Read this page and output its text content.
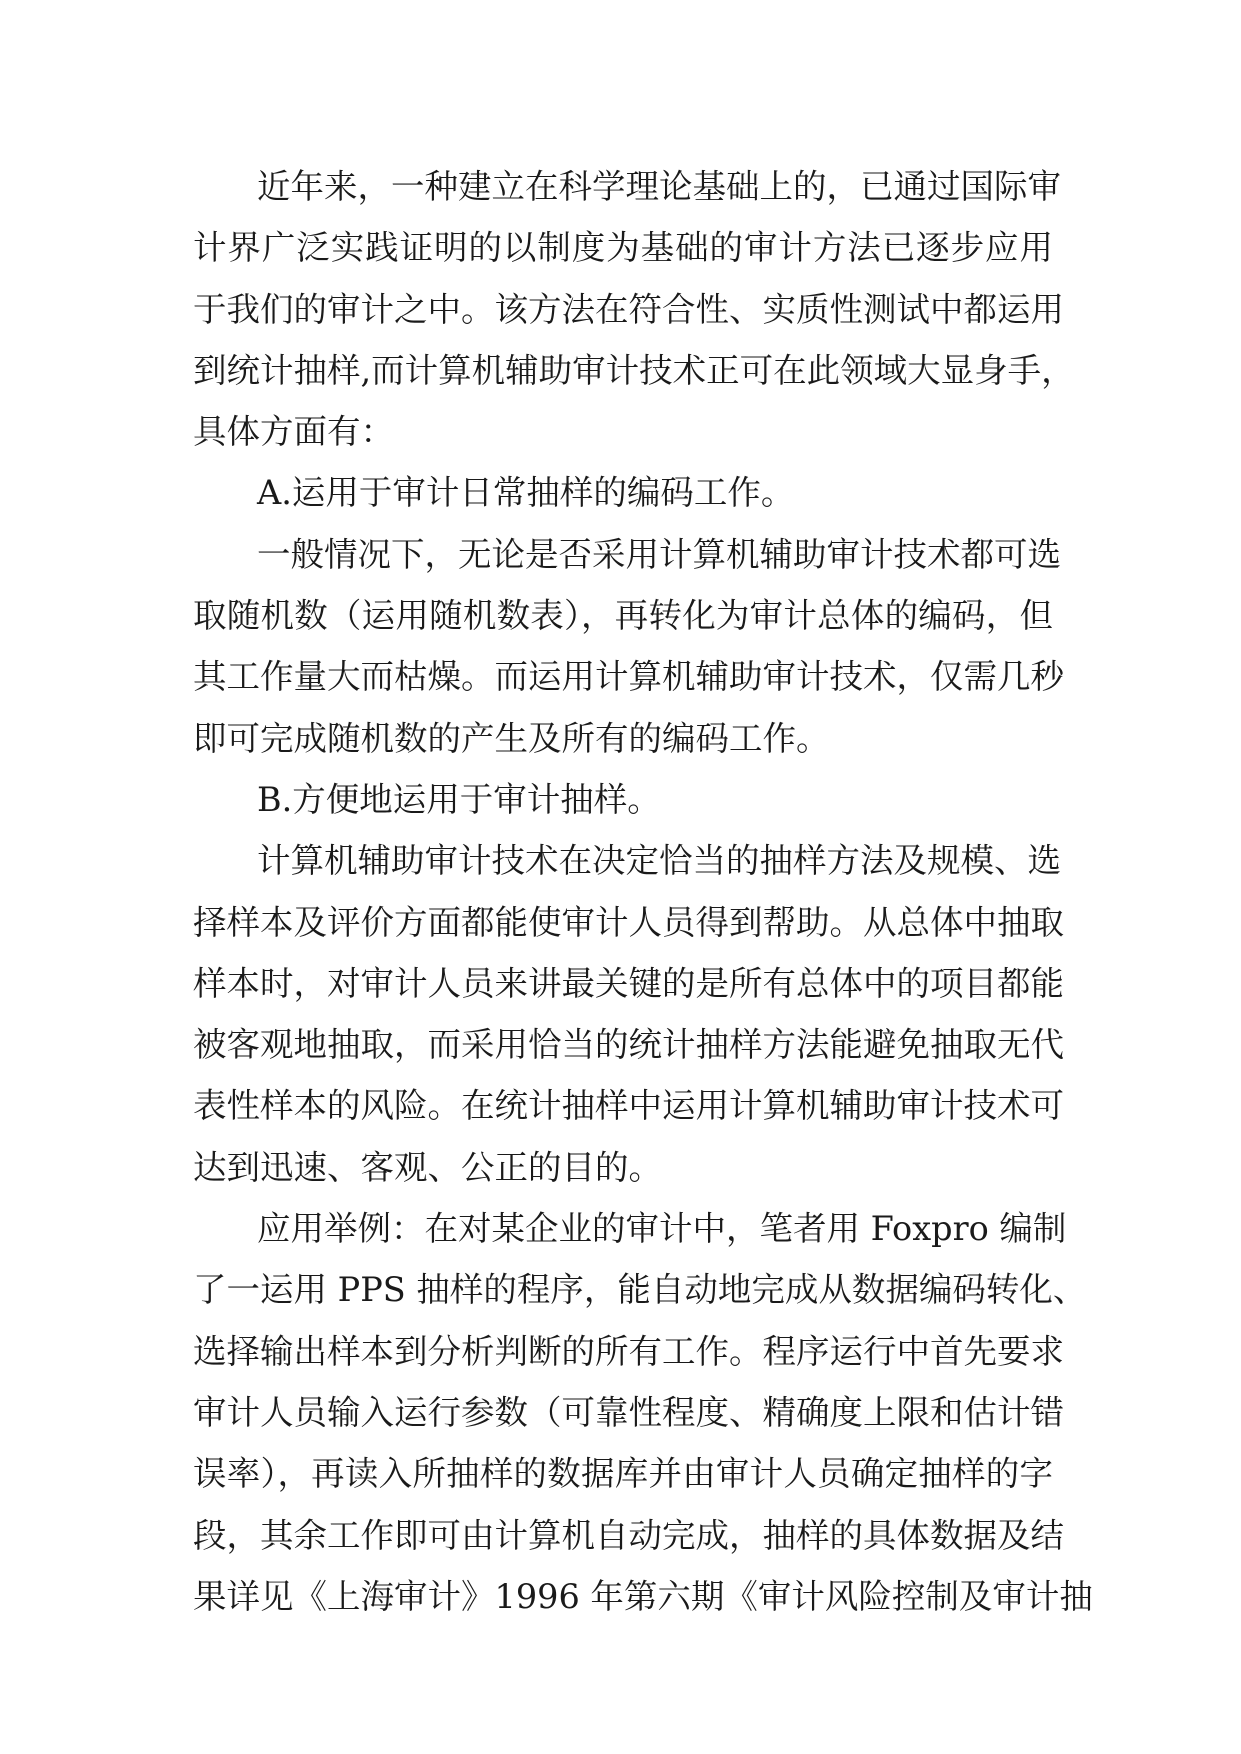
近年来，一种建立在科学理论基础上的，已通过国际审
计界广泛实践证明的以制度为基础的审计方法已逐步应用
于我们的审计之中。该方法在符合性、实质性测试中都运用
到统计抽样,而计算机辅助审计技术正可在此领域大显身手，
具体方面有：
A.运用于审计日常抽样的编码工作。
一般情况下，无论是否采用计算机辅助审计技术都可选
取随机数（运用随机数表），再转化为审计总体的编码，但
其工作量大而枯燥。而运用计算机辅助审计技术，仅需几秒
即可完成随机数的产生及所有的编码工作。
B.方便地运用于审计抽样。
计算机辅助审计技术在决定恰当的抽样方法及规模、选
择样本及评价方面都能使审计人员得到帮助。从总体中抽取
样本时，对审计人员来讲最关键的是所有总体中的项目都能
被客观地抽取，而采用恰当的统计抽样方法能避免抽取无代
表性样本的风险。在统计抽样中运用计算机辅助审计技术可
达到迅速、客观、公正的目的。
应用举例：在对某企业的审计中，笔者用 Foxpro 编制
了一运用 PPS 抽样的程序，能自动地完成从数据编码转化、
选择输出样本到分析判断的所有工作。程序运行中首先要求
审计人员输入运行参数（可靠性程度、精确度上限和估计错
误率），再读入所抽样的数据库并由审计人员确定抽样的字
段，其余工作即可由计算机自动完成，抽样的具体数据及结
果详见《上海审计》1996 年第六期《审计风险控制及审计抽
